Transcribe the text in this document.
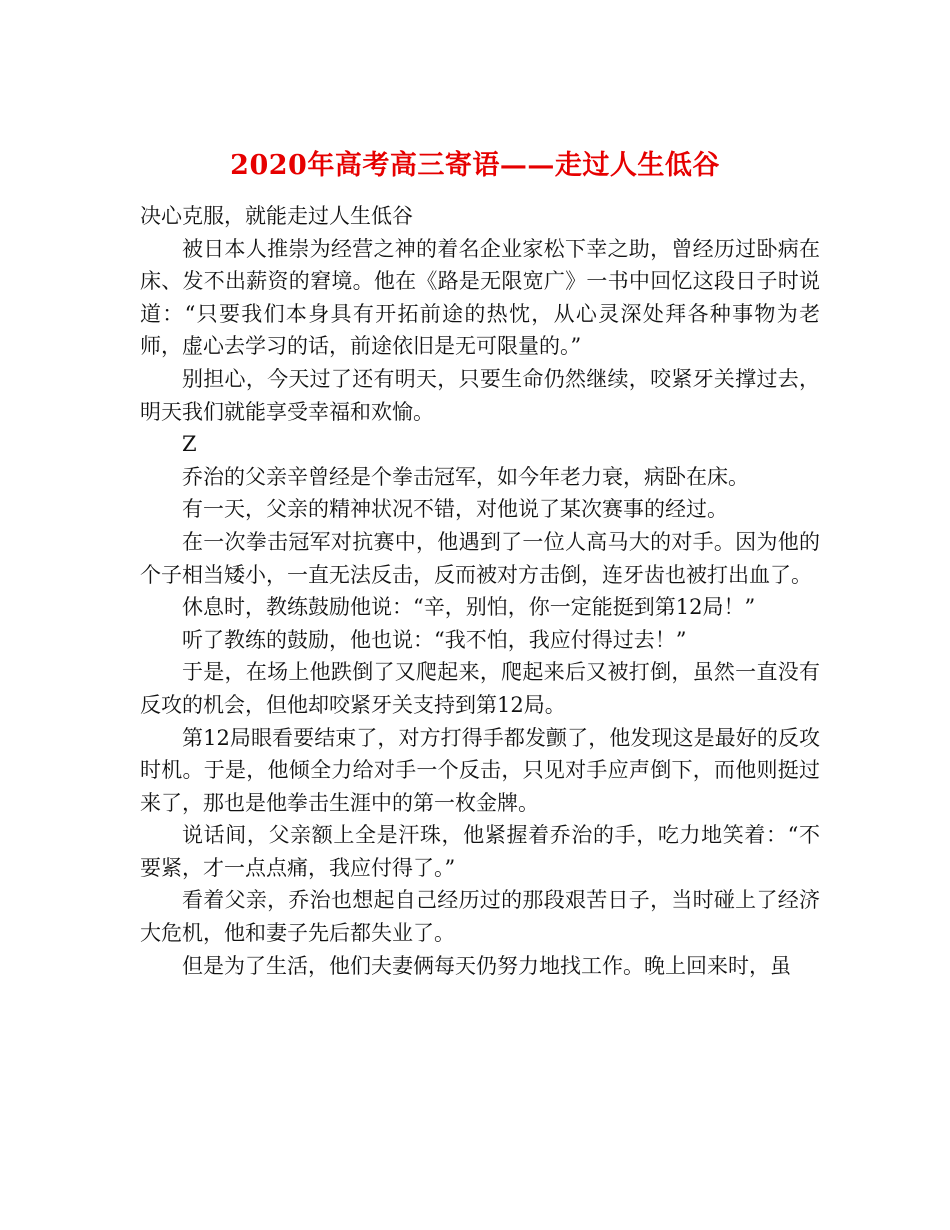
2020年高考高三寄语——走过人生低谷

决心克服，就能走过人生低谷

被日本人推崇为经营之神的着名企业家松下幸之助，曾经历过卧病在床、发不出薪资的窘境。他在《路是无限宽广》一书中回忆这段日子时说道：“只要我们本身具有开拓前途的热忱，从心灵深处拜各种事物为老师，虚心去学习的话，前途依旧是无可限量的。”

别担心，今天过了还有明天，只要生命仍然继续，咬紧牙关撑过去，明天我们就能享受幸福和欢愉。

Z

乔治的父亲辛曾经是个拳击冠军，如今年老力衰，病卧在床。

有一天，父亲的精神状况不错，对他说了某次赛事的经过。

在一次拳击冠军对抗赛中，他遇到了一位人高马大的对手。因为他的个子相当矮小，一直无法反击，反而被对方击倒，连牙齿也被打出血了。

休息时，教练鼓励他说：“辛，别怕，你一定能挺到第12局！”

听了教练的鼓励，他也说：“我不怕，我应付得过去！”

于是，在场上他跌倒了又爬起来，爬起来后又被打倒，虽然一直没有反攻的机会，但他却咬紧牙关支持到第12局。

第12局眼看要结束了，对方打得手都发颤了，他发现这是最好的反攻时机。于是，他倾全力给对手一个反击，只见对手应声倒下，而他则挺过来了，那也是他拳击生涯中的第一枚金牌。

说话间，父亲额上全是汗珠，他紧握着乔治的手，吃力地笑着：“不要紧，才一点点痛，我应付得了。”

看着父亲，乔治也想起自己经历过的那段艰苦日子，当时碰上了经济大危机，他和妻子先后都失业了。

但是为了生活，他们夫妻俩每天仍努力地找工作。晚上回来时，虽
